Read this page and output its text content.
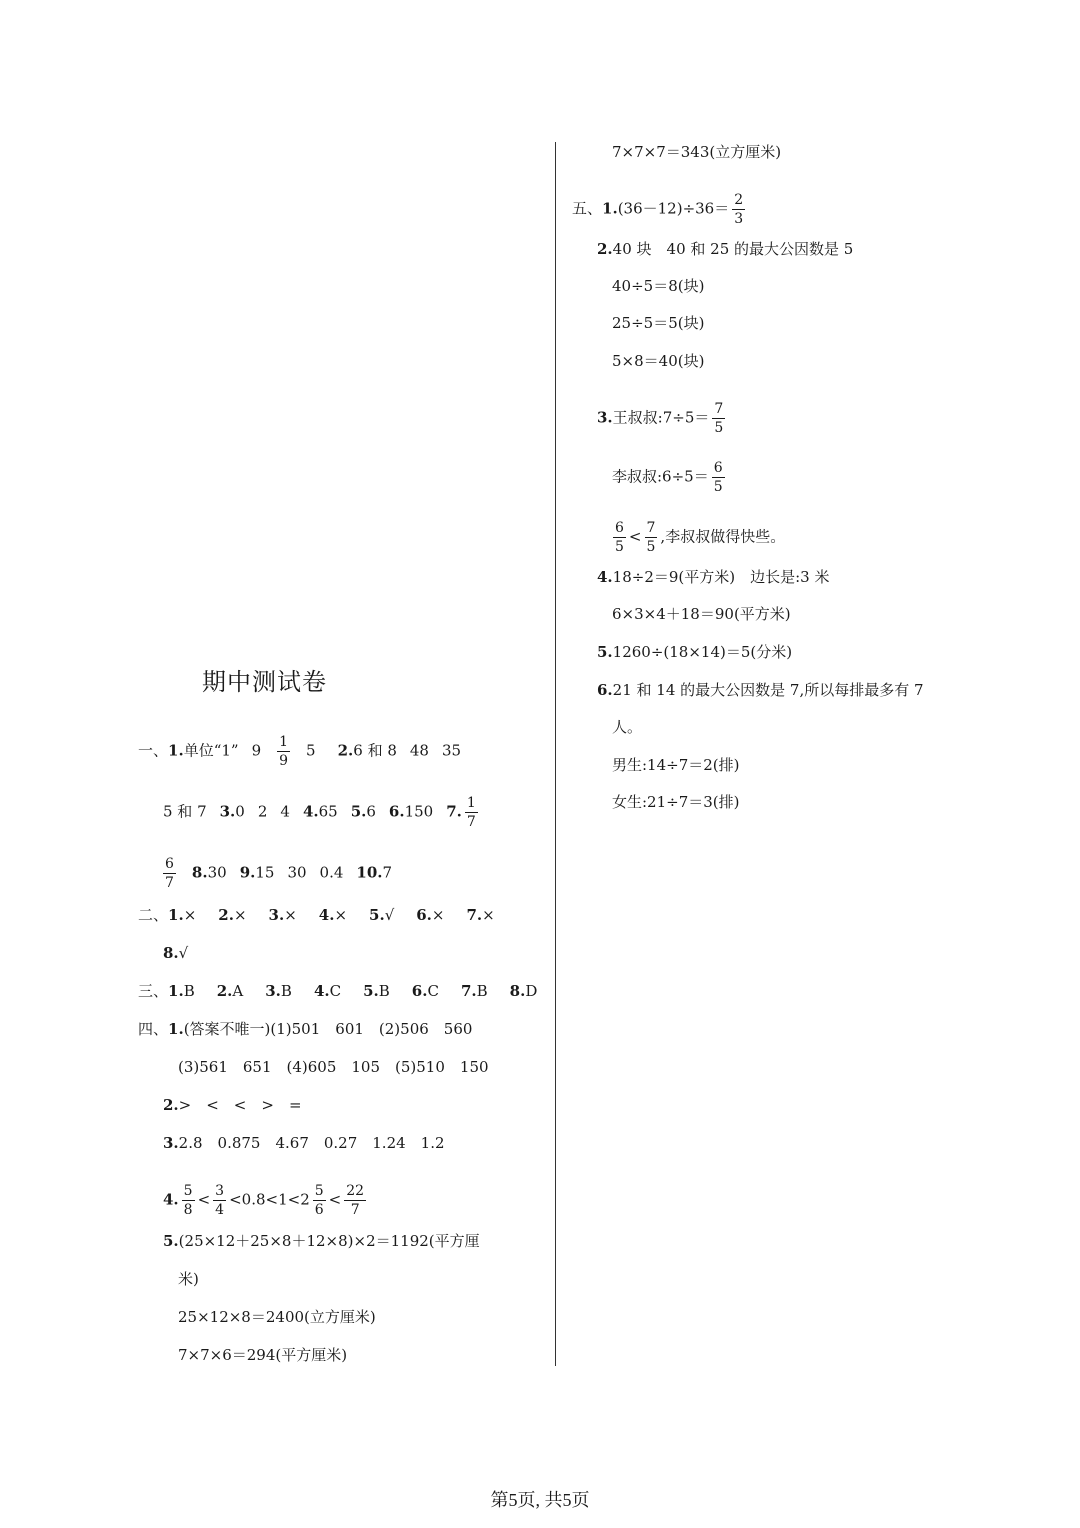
期中测试卷
一、1.单位“1” $9 \frac{1}{9} 5$ 2.6 和 8 48 35
5 和 7 3.0 2 4 4.65 5.6 6.150 7. $\frac{1}{7}$
$\frac{6}{7} 8.30$ 9.15 30 0.4 10.7
二、1.× 2.× 3.× 4.× 5.√ 6.× 7.×
8.√
三、1.B 2.A 3.B 4.C 5.B 6.C 7.B 8.D
四、1.(答案不唯一)(1)501　601　(2)506　560
(3)561　651　(4)605　105　(5)510　150
2.>　<　<　>　=
3.2.8　0.875　4.67　0.27　1.24　1.2
4. $\frac{5}{8} < \frac{3}{4} <0.8<1<2 \frac{5}{6} < \frac{22}{7}$
5.(25×12＋25×8＋12×8)×2＝1192(平方厘
米)
25×12×8＝2400(立方厘米)
7×7×6＝294(平方厘米)
7×7×7＝343(立方厘米)
五、$1.(36-12)\div 36= \frac{2}{3}$
2.40 块　40 和 25 的最大公因数是 5
40÷5＝8(块)
25÷5＝5(块)
5×8＝40(块)
3.王叔叔:7÷5＝ $\frac{7}{5}$
李叔叔:6÷5＝ $\frac{6}{5}$
$\frac{6}{5} < \frac{7}{5}$ ,李叔叔做得快些。
4.18÷2＝9(平方米)　边长是:3 米
6×3×4＋18＝90(平方米)
5.1260÷(18×14)＝5(分米)
6.21 和 14 的最大公因数是 7,所以每排最多有 7
人。
男生:14÷7＝2(排)
女生:21÷7＝3(排)
第5页, 共5页
